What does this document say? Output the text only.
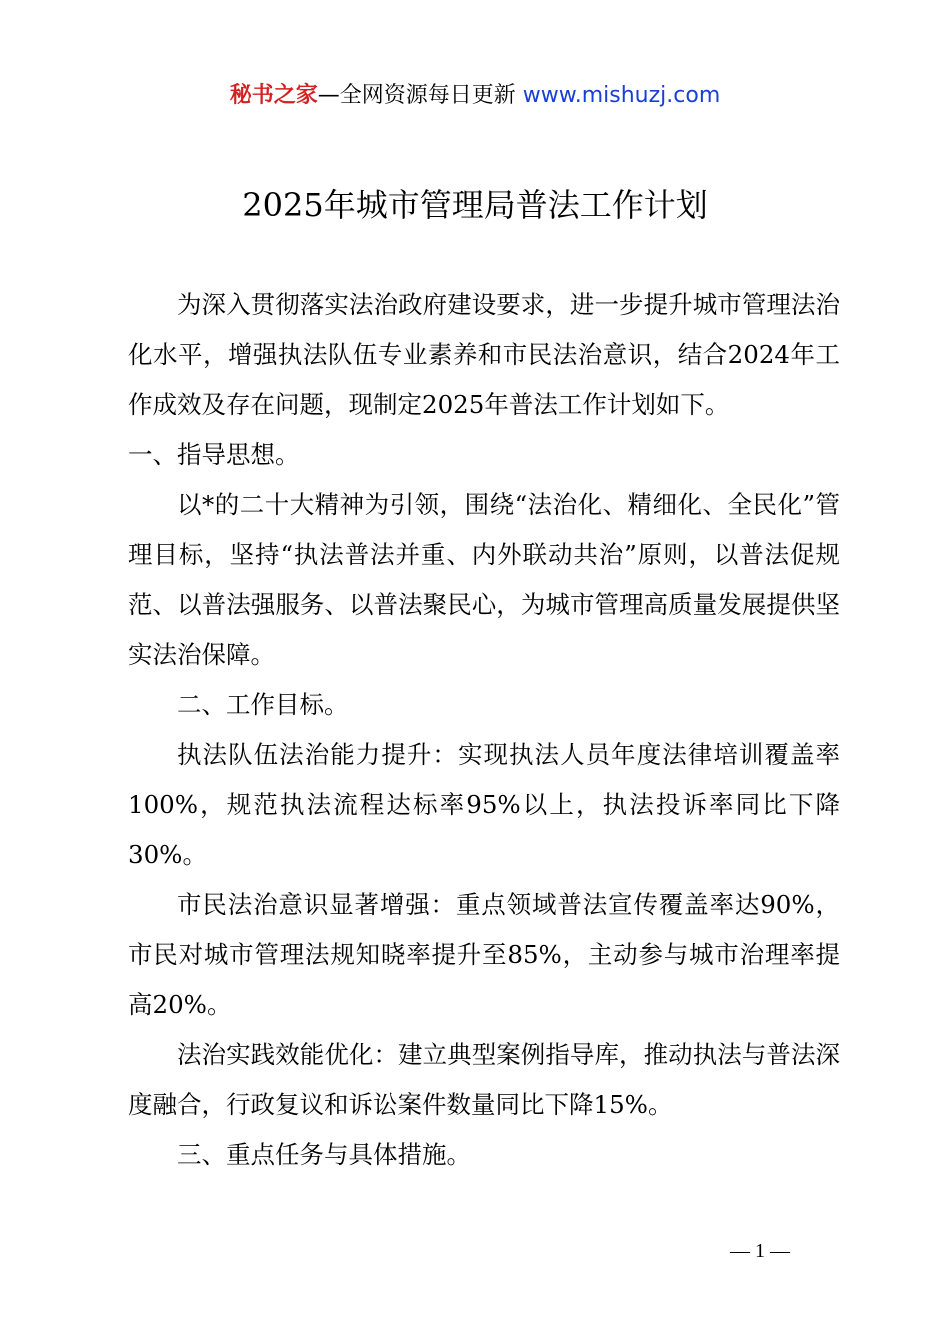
秘书之家—全网资源每日更新 www.mishuzj.com
2025年城市管理局普法工作计划

为深入贯彻落实法治政府建设要求，进一步提升城市管理法治化水平，增强执法队伍专业素养和市民法治意识，结合2024年工作成效及存在问题，现制定2025年普法工作计划如下。

一、指导思想。

以*的二十大精神为引领，围绕“法治化、精细化、全民化”管理目标，坚持“执法普法并重、内外联动共治”原则，以普法促规范、以普法强服务、以普法聚民心，为城市管理高质量发展提供坚实法治保障。

二、工作目标。

执法队伍法治能力提升：实现执法人员年度法律培训覆盖率100%，规范执法流程达标率95%以上，执法投诉率同比下降30%。

市民法治意识显著增强：重点领域普法宣传覆盖率达90%，市民对城市管理法规知晓率提升至85%，主动参与城市治理率提高20%。

法治实践效能优化：建立典型案例指导库，推动执法与普法深度融合，行政复议和诉讼案件数量同比下降15%。

三、重点任务与具体措施。

— 1 —
